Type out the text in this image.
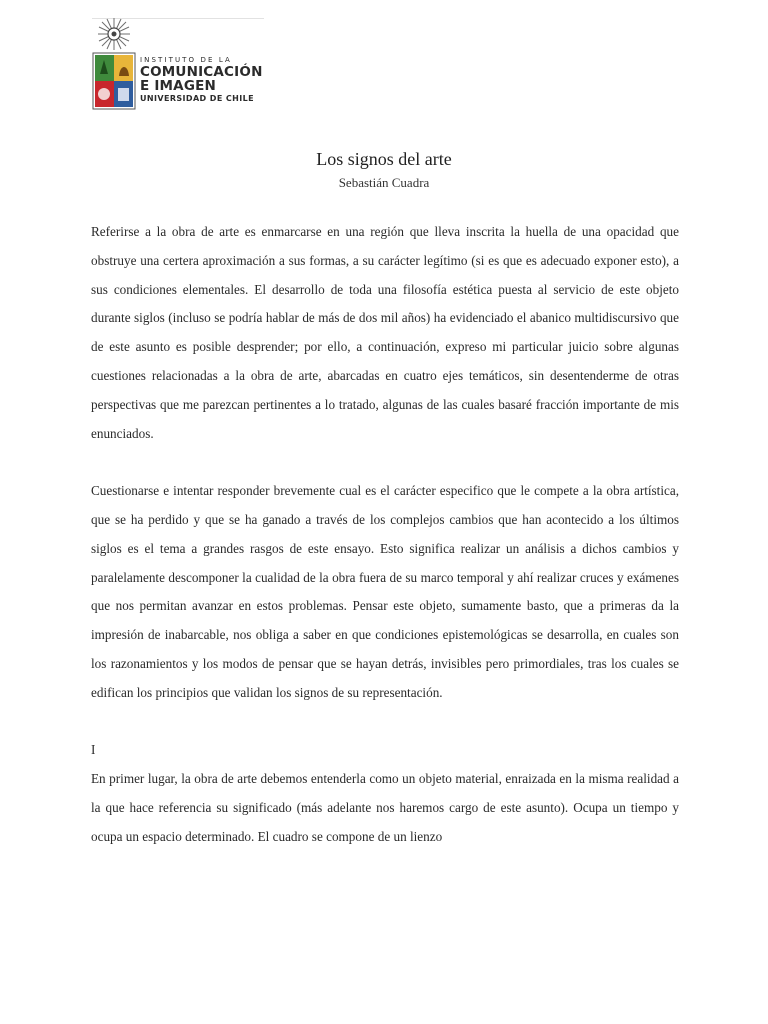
INSTITUTO DE LA
COMUNICACIÓN
E IMAGEN
UNIVERSIDAD DE CHILE
Los signos del arte
Sebastián Cuadra

Referirse a la obra de arte es enmarcarse en una región que lleva inscrita la huella de una opacidad que obstruye una certera aproximación a sus formas, a su carácter legítimo (si es que es adecuado exponer esto), a sus condiciones elementales. El desarrollo de toda una filosofía estética puesta al servicio de este objeto durante siglos (incluso se podría hablar de más de dos mil años) ha evidenciado el abanico multidiscursivo que de este asunto es posible desprender; por ello, a continuación, expreso mi particular juicio sobre algunas cuestiones relacionadas a la obra de arte, abarcadas en cuatro ejes temáticos, sin desentenderme de otras perspectivas que me parezcan pertinentes a lo tratado, algunas de las cuales basaré fracción importante de mis enunciados.

Cuestionarse e intentar responder brevemente cual es el carácter especifico que le compete a la obra artística, que se ha perdido y que se ha ganado a través de los complejos cambios que han acontecido a los últimos siglos es el tema a grandes rasgos de este ensayo. Esto significa realizar un análisis a dichos cambios y paralelamente descomponer la cualidad de la obra fuera de su marco temporal y ahí realizar cruces y exámenes que nos permitan avanzar en estos problemas. Pensar este objeto, sumamente basto, que a primeras da la impresión de inabarcable, nos obliga a saber en que condiciones epistemológicas se desarrolla, en cuales son los razonamientos y los modos de pensar que se hayan detrás, invisibles pero primordiales, tras los cuales se edifican los principios que validan los signos de su representación.

I

En primer lugar, la obra de arte debemos entenderla como un objeto material, enraizada en la misma realidad a la que hace referencia su significado (más adelante nos haremos cargo de este asunto). Ocupa un tiempo y ocupa un espacio determinado. El cuadro se compone de un lienzo
